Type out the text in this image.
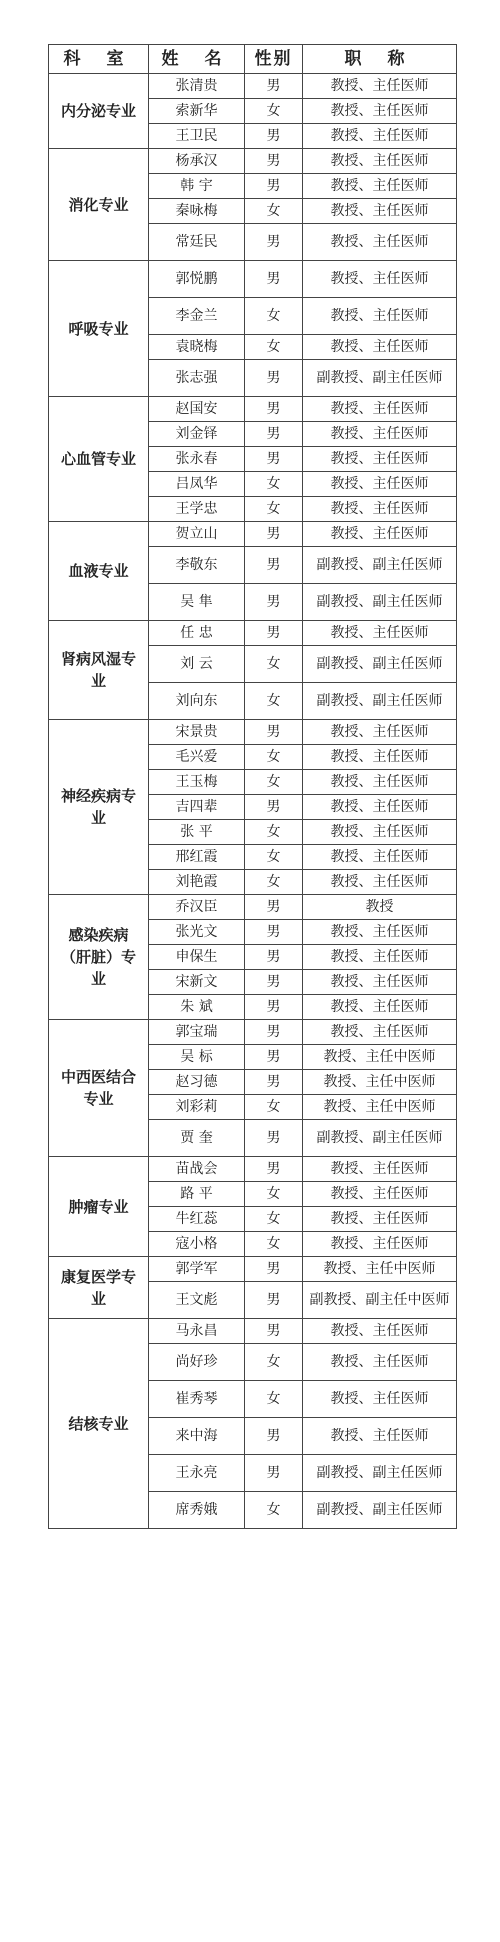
科 室	姓 名	性别	职 称
内分泌专业	张清贵	男	教授、主任医师
	索新华	女	教授、主任医师
	王卫民	男	教授、主任医师
消化专业	杨承汉	男	教授、主任医师
	韩 宇	男	教授、主任医师
	秦咏梅	女	教授、主任医师
	常廷民	男	教授、主任医师
呼吸专业	郭悦鹏	男	教授、主任医师
	李金兰	女	教授、主任医师
	袁晓梅	女	教授、主任医师
	张志强	男	副教授、副主任医师
心血管专业	赵国安	男	教授、主任医师
	刘金铎	男	教授、主任医师
	张永春	男	教授、主任医师
	吕凤华	女	教授、主任医师
	王学忠	女	教授、主任医师
血液专业	贺立山	男	教授、主任医师
	李敬东	男	副教授、副主任医师
	吴 隼	男	副教授、副主任医师
肾病风湿专业	任 忠	男	教授、主任医师
	刘 云	女	副教授、副主任医师
	刘向东	女	副教授、副主任医师
神经疾病专业	宋景贵	男	教授、主任医师
	毛兴爱	女	教授、主任医师
	王玉梅	女	教授、主任医师
	吉四辈	男	教授、主任医师
	张 平	女	教授、主任医师
	邢红霞	女	教授、主任医师
	刘艳霞	女	教授、主任医师
感染疾病（肝脏）专业	乔汉臣	男	教授
	张光文	男	教授、主任医师
	申保生	男	教授、主任医师
	宋新文	男	教授、主任医师
	朱 斌	男	教授、主任医师
中西医结合专业	郭宝瑞	男	教授、主任医师
	吴 标	男	教授、主任中医师
	赵习德	男	教授、主任中医师
	刘彩莉	女	教授、主任中医师
	贾 奎	男	副教授、副主任医师
肿瘤专业	苗战会	男	教授、主任医师
	路 平	女	教授、主任医师
	牛红蕊	女	教授、主任医师
	寇小格	女	教授、主任医师
康复医学专业	郭学军	男	教授、主任中医师
	王文彪	男	副教授、副主任中医师
结核专业	马永昌	男	教授、主任医师
	尚好珍	女	教授、主任医师
	崔秀琴	女	教授、主任医师
	来中海	男	教授、主任医师
	王永亮	男	副教授、副主任医师
	席秀娥	女	副教授、副主任医师
